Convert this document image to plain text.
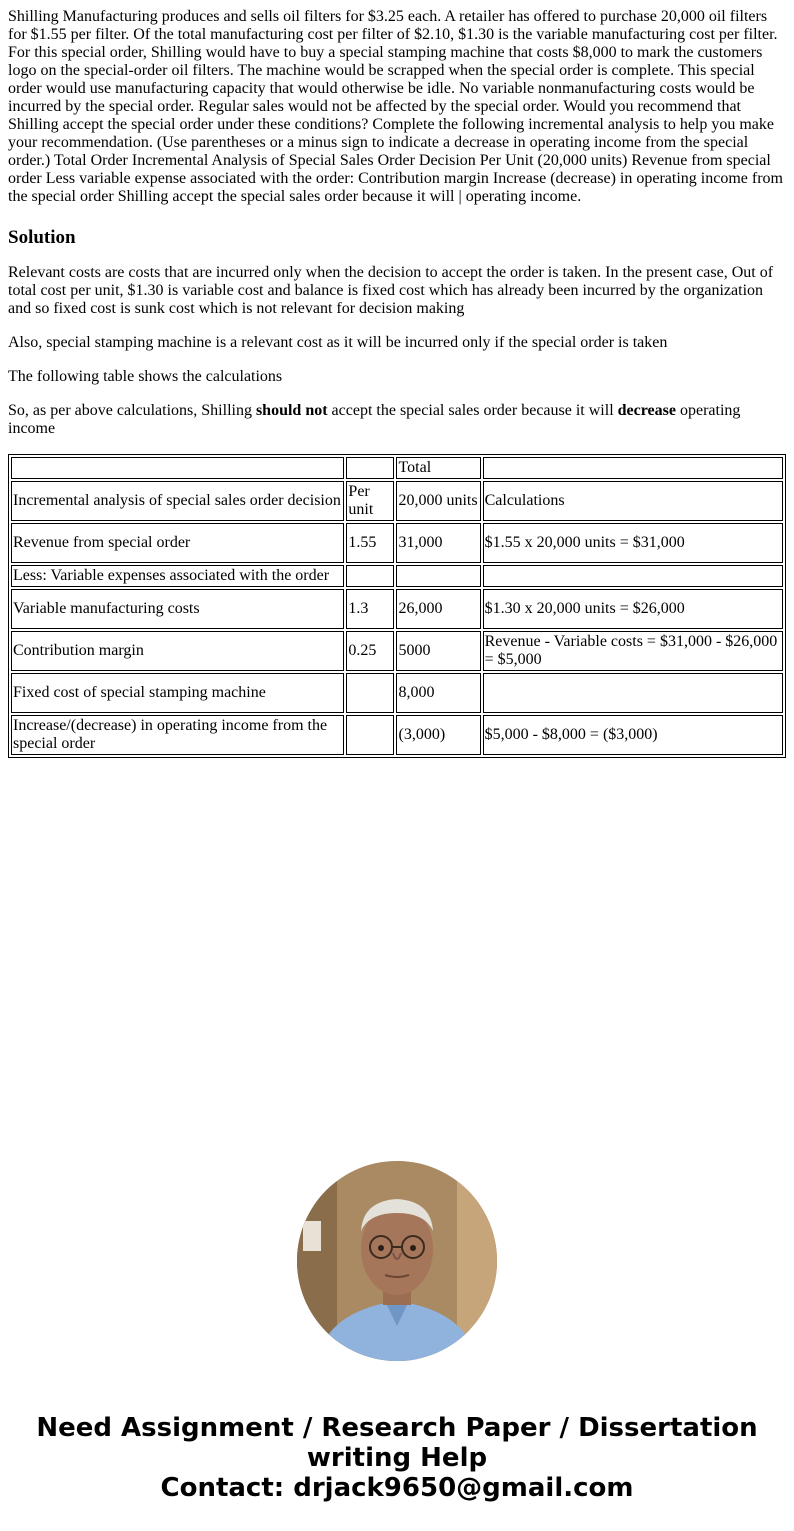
Shilling Manufacturing produces and sells oil filters for $3.25 each. A retailer has offered to purchase 20,000 oil filters for $1.55 per filter. Of the total manufacturing cost per filter of $2.10, $1.30 is the variable manufacturing cost per filter. For this special order, Shilling would have to buy a special stamping machine that costs $8,000 to mark the customers logo on the special-order oil filters. The machine would be scrapped when the special order is complete. This special order would use manufacturing capacity that would otherwise be idle. No variable nonmanufacturing costs would be incurred by the special order. Regular sales would not be affected by the special order. Would you recommend that Shilling accept the special order under these conditions? Complete the following incremental analysis to help you make your recommendation. (Use parentheses or a minus sign to indicate a decrease in operating income from the special order.) Total Order Incremental Analysis of Special Sales Order Decision Per Unit (20,000 units) Revenue from special order Less variable expense associated with the order: Contribution margin Increase (decrease) in operating income from the special order Shilling accept the special sales order because it will | operating income.
Solution

Relevant costs are costs that are incurred only when the decision to accept the order is taken. In the present case, Out of total cost per unit, $1.30 is variable cost and balance is fixed cost which has already been incurred by the organization and so fixed cost is sunk cost which is not relevant for decision making

Also, special stamping machine is a relevant cost as it will be incurred only if the special order is taken

The following table shows the calculations

So, as per above calculations, Shilling should not accept the special sales order because it will decrease operating income

		Total	
Incremental analysis of special sales order decision	Per unit	20,000 units	Calculations
Revenue from special order	1.55	31,000	$1.55 x 20,000 units = $31,000
Less: Variable expenses associated with the order			
Variable manufacturing costs	1.3	26,000	$1.30 x 20,000 units = $26,000
Contribution margin	0.25	5000	Revenue - Variable costs = $31,000 - $26,000 = $5,000
Fixed cost of special stamping machine		8,000	
Increase/(decrease) in operating income from the special order		(3,000)	$5,000 - $8,000 = ($3,000)
Need Assignment / Research Paper / Dissertation
writing Help
Contact: drjack9650@gmail.com
